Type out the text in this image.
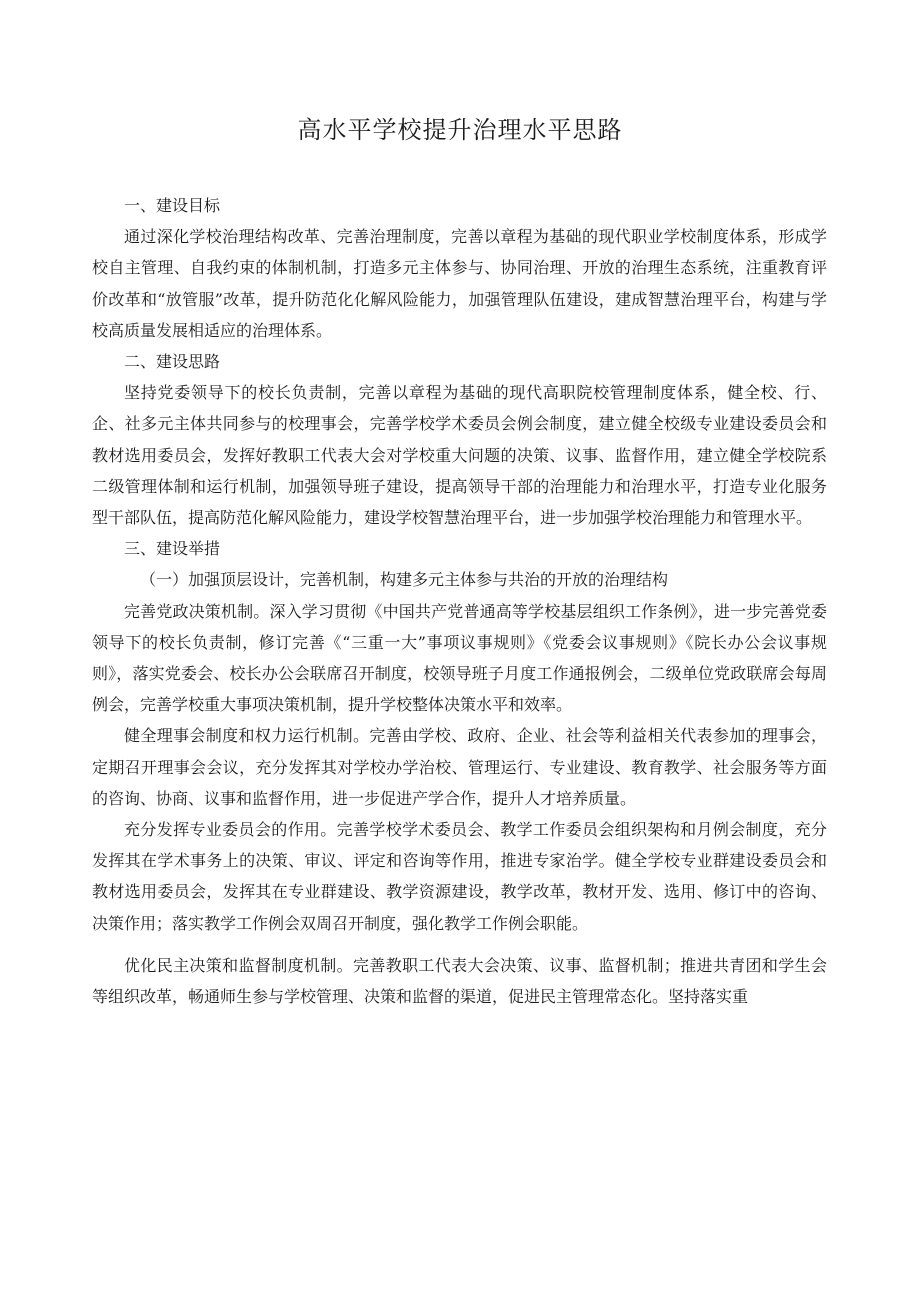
高水平学校提升治理水平思路

一、建设目标

通过深化学校治理结构改革、完善治理制度，完善以章程为基础的现代职业学校制度体系，形成学校自主管理、自我约束的体制机制，打造多元主体参与、协同治理、开放的治理生态系统，注重教育评价改革和“放管服”改革，提升防范化化解风险能力，加强管理队伍建设，建成智慧治理平台，构建与学校高质量发展相适应的治理体系。

二、建设思路

坚持党委领导下的校长负责制，完善以章程为基础的现代高职院校管理制度体系，健全校、行、企、社多元主体共同参与的校理事会，完善学校学术委员会例会制度，建立健全校级专业建设委员会和教材选用委员会，发挥好教职工代表大会对学校重大问题的决策、议事、监督作用，建立健全学校院系二级管理体制和运行机制，加强领导班子建设，提高领导干部的治理能力和治理水平，打造专业化服务型干部队伍，提高防范化解风险能力，建设学校智慧治理平台，进一步加强学校治理能力和管理水平。

三、建设举措

（一）加强顶层设计，完善机制，构建多元主体参与共治的开放的治理结构

完善党政决策机制。深入学习贯彻《中国共产党普通高等学校基层组织工作条例》，进一步完善党委领导下的校长负责制，修订完善《“三重一大”事项议事规则》《党委会议事规则》《院长办公会议事规则》，落实党委会、校长办公会联席召开制度，校领导班子月度工作通报例会，二级单位党政联席会每周例会，完善学校重大事项决策机制，提升学校整体决策水平和效率。

健全理事会制度和权力运行机制。完善由学校、政府、企业、社会等利益相关代表参加的理事会，定期召开理事会会议，充分发挥其对学校办学治校、管理运行、专业建设、教育教学、社会服务等方面的咨询、协商、议事和监督作用，进一步促进产学合作，提升人才培养质量。

充分发挥专业委员会的作用。完善学校学术委员会、教学工作委员会组织架构和月例会制度，充分发挥其在学术事务上的决策、审议、评定和咨询等作用，推进专家治学。健全学校专业群建设委员会和教材选用委员会，发挥其在专业群建设、教学资源建设，教学改革，教材开发、选用、修订中的咨询、决策作用；落实教学工作例会双周召开制度，强化教学工作例会职能。

优化民主决策和监督制度机制。完善教职工代表大会决策、议事、监督机制；推进共青团和学生会等组织改革，畅通师生参与学校管理、决策和监督的渠道，促进民主管理常态化。坚持落实重
